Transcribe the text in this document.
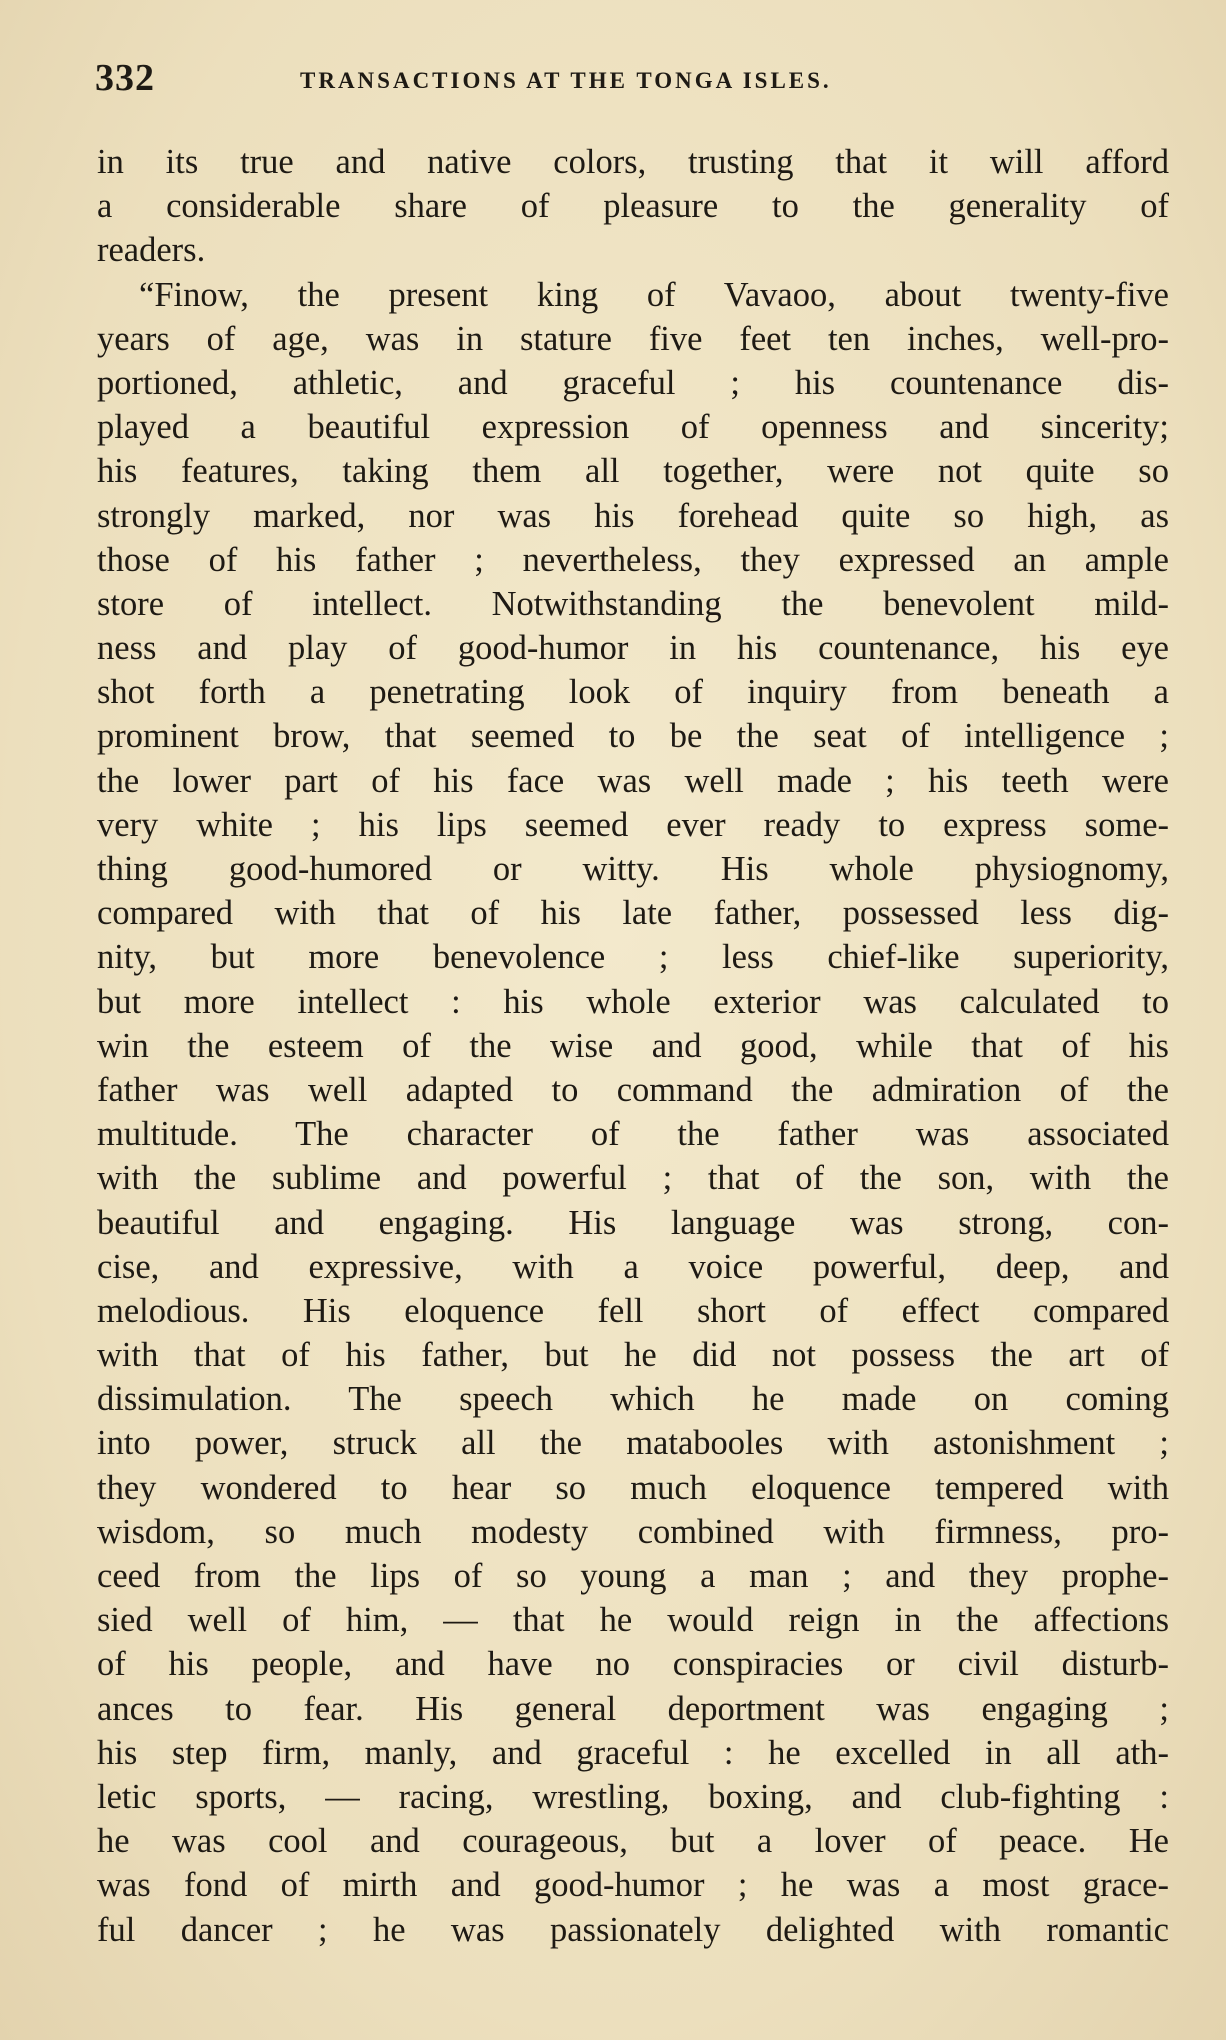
332	TRANSACTIONS AT THE TONGA ISLES.
in its true and native colors, trusting that it will afford
a considerable share of pleasure to the generality of
readers.
“Finow, the present king of Vavaoo, about twenty-five
years of age, was in stature five feet ten inches, well-pro-
portioned, athletic, and graceful ; his countenance dis-
played a beautiful expression of openness and sincerity;
his features, taking them all together, were not quite so
strongly marked, nor was his forehead quite so high, as
those of his father ; nevertheless, they expressed an ample
store of intellect. Notwithstanding the benevolent mild-
ness and play of good-humor in his countenance, his eye
shot forth a penetrating look of inquiry from beneath a
prominent brow, that seemed to be the seat of intelligence ;
the lower part of his face was well made ; his teeth were
very white ; his lips seemed ever ready to express some-
thing good-humored or witty. His whole physiognomy,
compared with that of his late father, possessed less dig-
nity, but more benevolence ; less chief-like superiority,
but more intellect : his whole exterior was calculated to
win the esteem of the wise and good, while that of his
father was well adapted to command the admiration of the
multitude. The character of the father was associated
with the sublime and powerful ; that of the son, with the
beautiful and engaging. His language was strong, con-
cise, and expressive, with a voice powerful, deep, and
melodious. His eloquence fell short of effect compared
with that of his father, but he did not possess the art of
dissimulation. The speech which he made on coming
into power, struck all the matabooles with astonishment ;
they wondered to hear so much eloquence tempered with
wisdom, so much modesty combined with firmness, pro-
ceed from the lips of so young a man ; and they prophe-
sied well of him, — that he would reign in the affections
of his people, and have no conspiracies or civil disturb-
ances to fear. His general deportment was engaging ;
his step firm, manly, and graceful : he excelled in all ath-
letic sports, — racing, wrestling, boxing, and club-fighting :
he was cool and courageous, but a lover of peace. He
was fond of mirth and good-humor ; he was a most grace-
ful dancer ; he was passionately delighted with romantic
